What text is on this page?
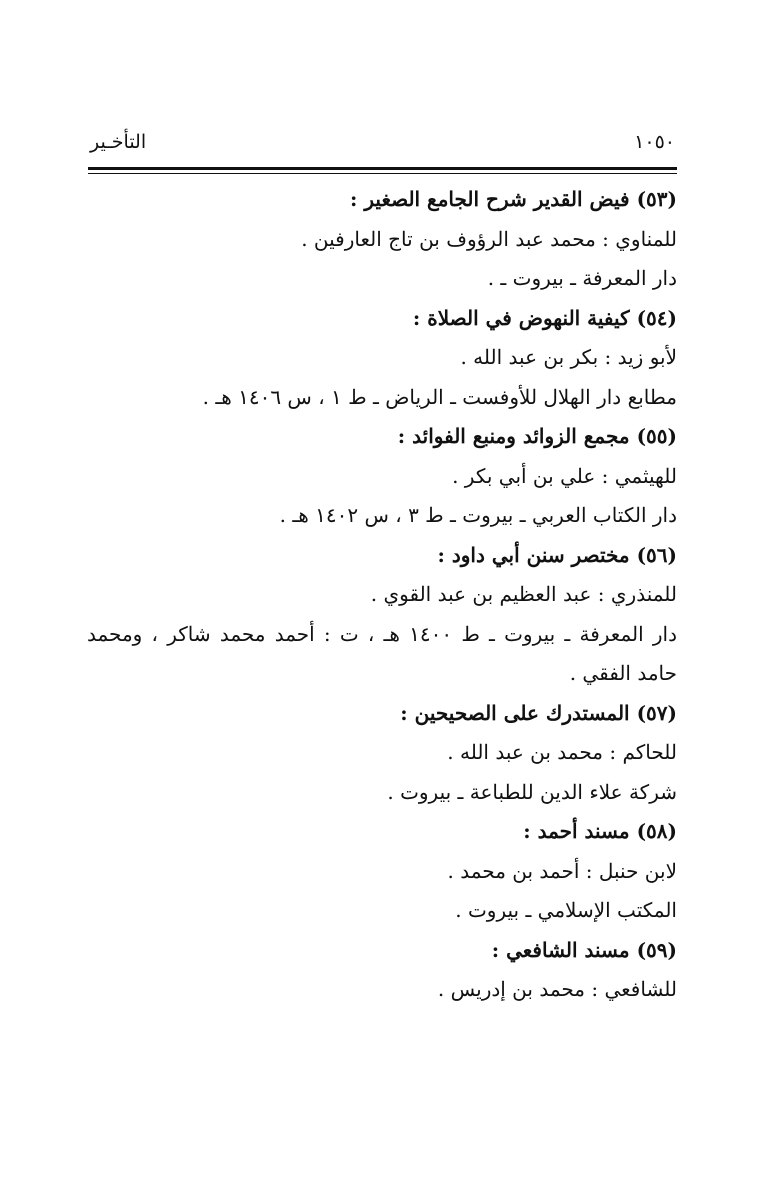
١٠٥٠
التأخـير
(٥٣) فيض القدير شرح الجامع الصغير :
للمناوي : محمد عبد الرؤوف بن تاج العارفين .
دار المعرفة ـ بيروت ـ .
(٥٤) كيفية النهوض في الصلاة :
لأبو زيد : بكر بن عبد الله .
مطابع دار الهلال للأوفست ـ الرياض ـ ط ١ ، س ١٤٠٦ هـ .
(٥٥) مجمع الزوائد ومنبع الفوائد :
للهيثمي : علي بن أبي بكر .
دار الكتاب العربي ـ بيروت ـ ط ٣ ، س ١٤٠٢ هـ .
(٥٦) مختصر سنن أبي داود :
للمنذري : عبد العظيم بن عبد القوي .
دار المعرفة ـ بيروت ـ ط ١٤٠٠ هـ ، ت : أحمد محمد شاكر ، ومحمد حامد الفقي .
(٥٧) المستدرك على الصحيحين :
للحاكم : محمد بن عبد الله .
شركة علاء الدين للطباعة ـ بيروت .
(٥٨) مسند أحمد :
لابن حنبل : أحمد بن محمد .
المكتب الإسلامي ـ بيروت .
(٥٩) مسند الشافعي :
للشافعي : محمد بن إدريس .
